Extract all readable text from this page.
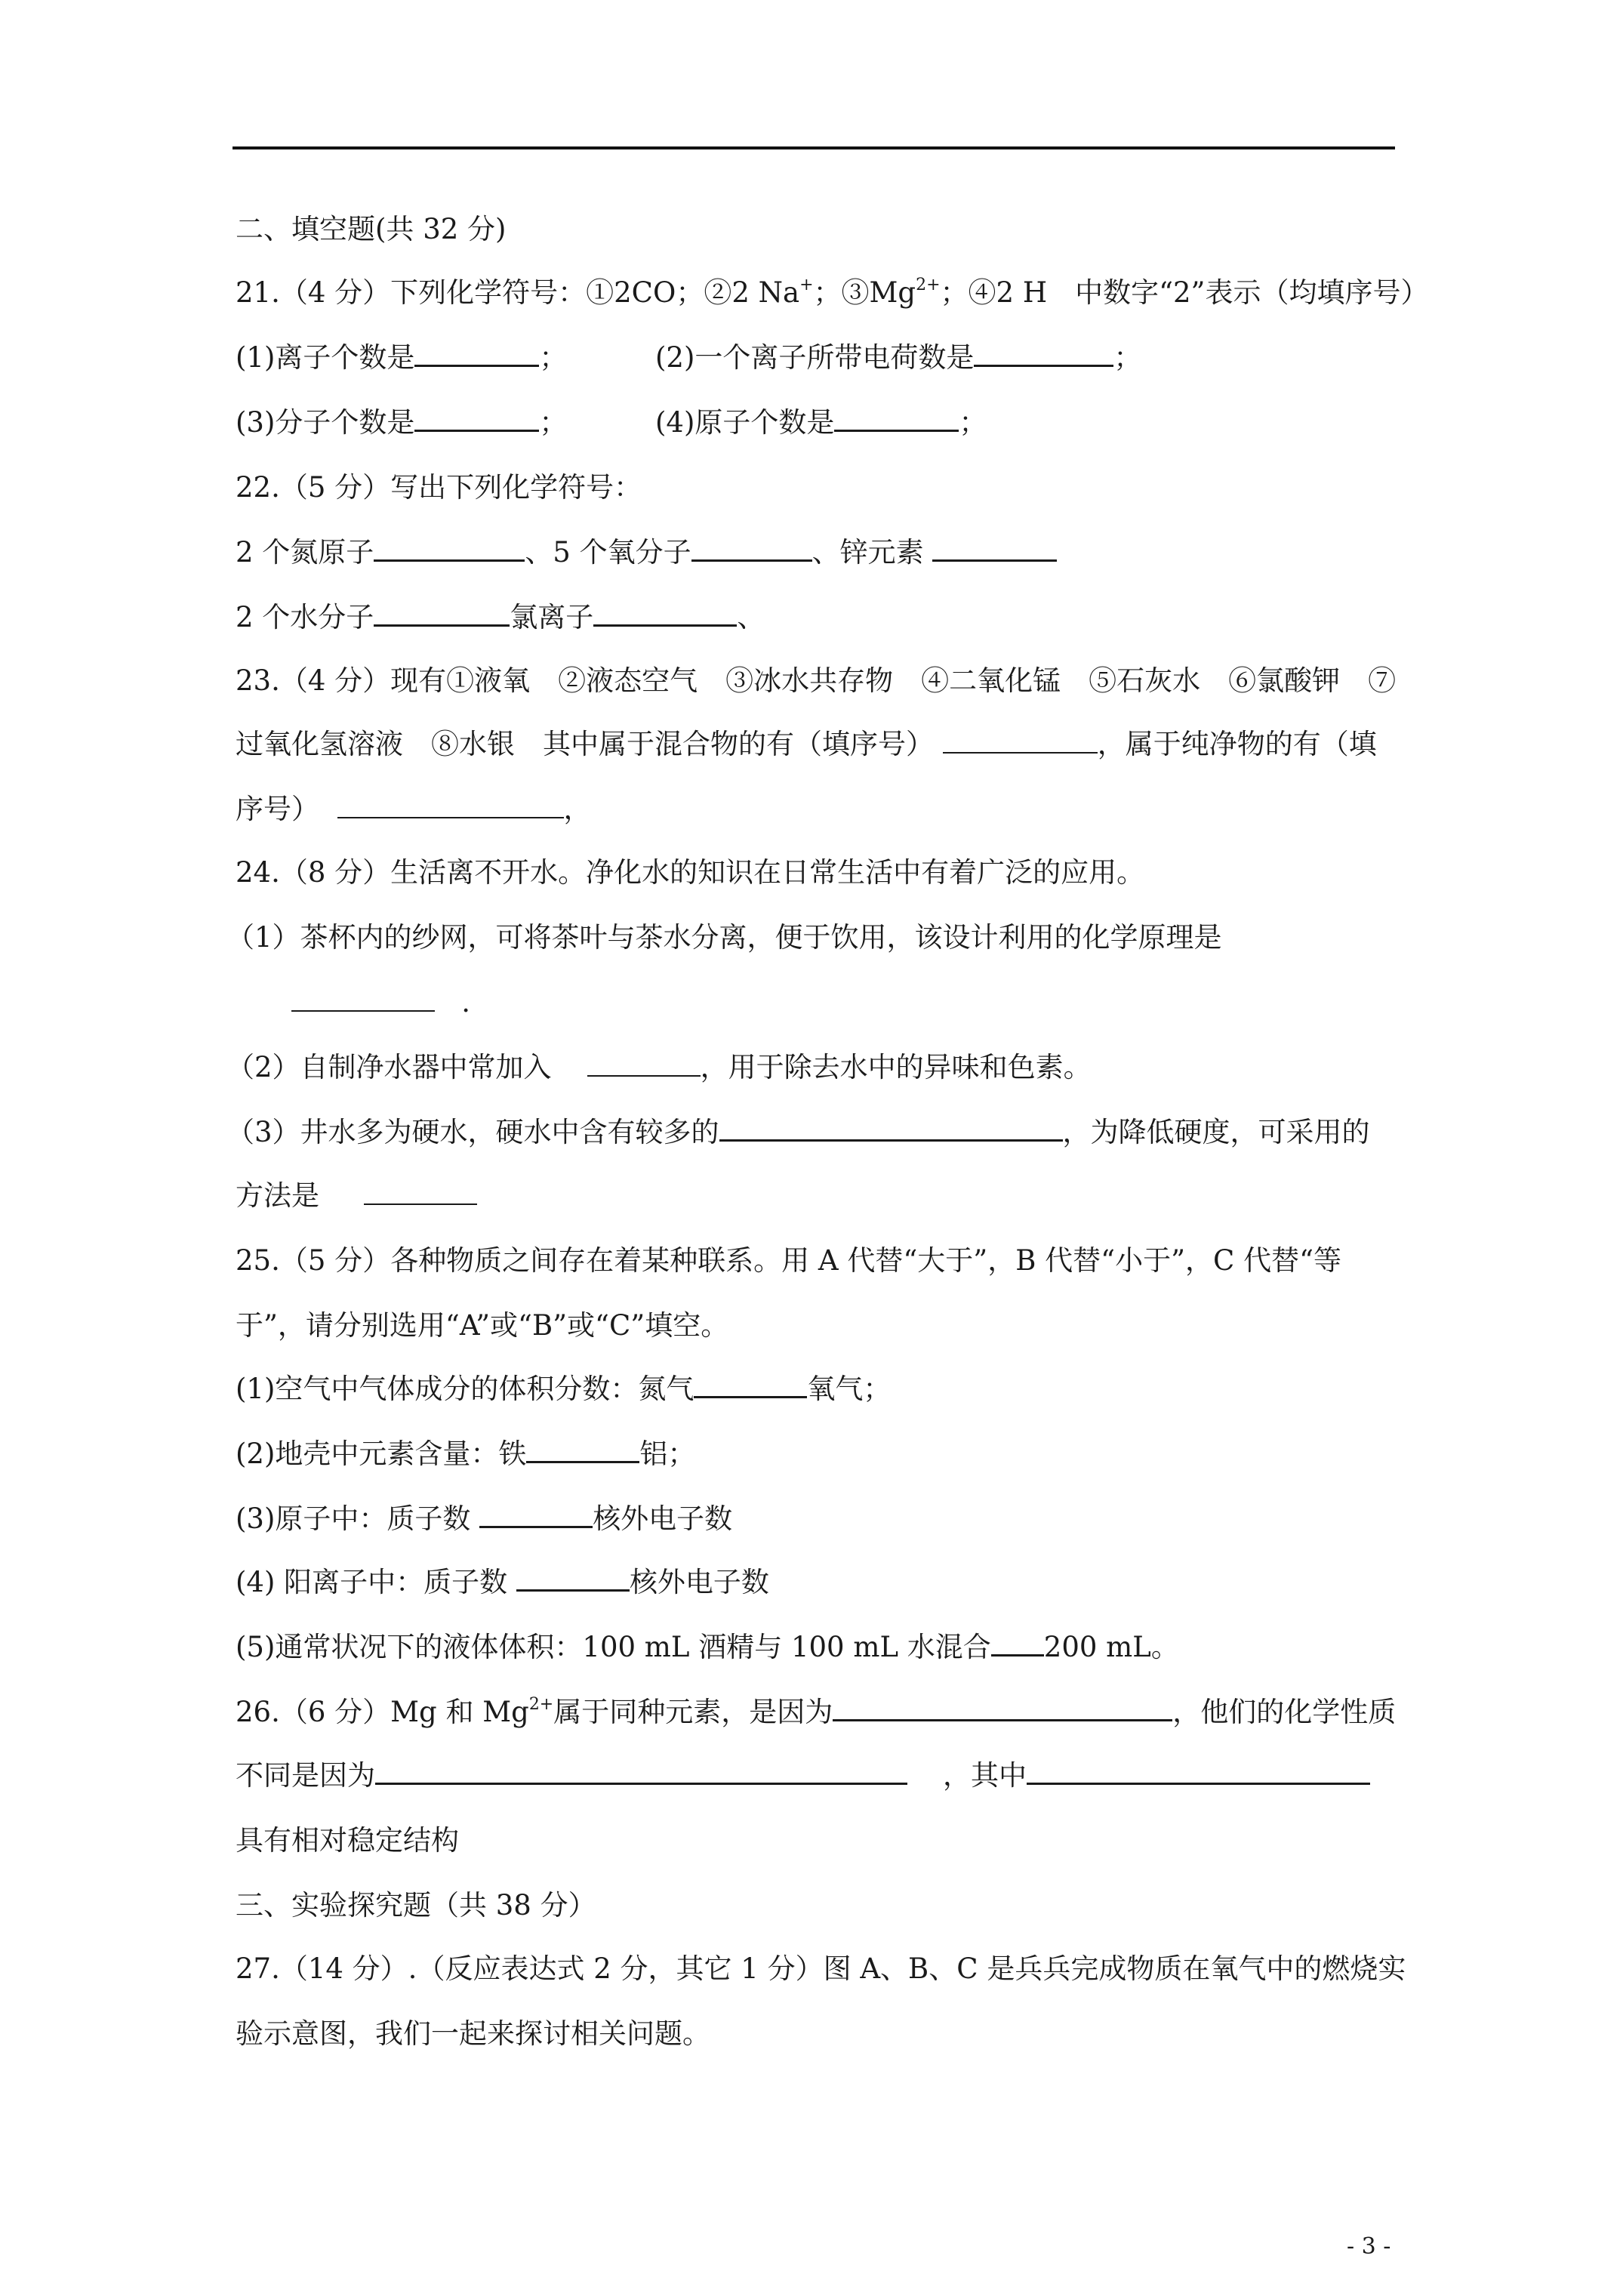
二、填空题(共 32 分)
21.（4 分）下列化学符号：①2CO；②2 Na+；$③Mg^{2+}$；④2 H　中数字“2”表示（均填序号）
(1)离子个数是	；	(2)一个离子所带电荷数是	；
(3)分子个数是	；	(4)原子个数是	；
22.（5 分）写出下列化学符号：
2 个氮原子	、5 个氧分子	、锌元素
2 个水分子	氯离子	、
23.（4 分）现有①液氧　②液态空气　③冰水共存物　④二氧化锰　⑤石灰水　⑥氯酸钾　⑦
过氧化氢溶液　⑧水银　其中属于混合物的有（填序号）	，属于纯净物的有（填
序号）	，
24.（8 分）生活离不开水。净化水的知识在日常生活中有着广泛的应用。
（1）茶杯内的纱网，可将茶叶与茶水分离，便于饮用，该设计利用的化学原理是
.
（2）自制净水器中常加入	，用于除去水中的异味和色素。
（3）井水多为硬水，硬水中含有较多的	，为降低硬度，可采用的
方法是
25.（5 分）各种物质之间存在着某种联系。用 A 代替“大于”，B 代替“小于”，C 代替“等
于”，请分别选用“A”或“B”或“C”填空。
(1)空气中气体成分的体积分数：氮气	氧气；
(2)地壳中元素含量：铁	铝；
(3)原子中：质子数	核外电子数
(4) 阳离子中：质子数	核外电子数
(5)通常状况下的液体体积：100 mL 酒精与 100 mL 水混合 200 mL。
26.（6 分）Mg 和 $Mg^{2+}$属于同种元素，是因为	，他们的化学性质
不同是因为	，其中
具有相对稳定结构
三、实验探究题（共 38 分）
27.（14 分）.（反应表达式 2 分，其它 1 分）图 A、B、C 是兵兵完成物质在氧气中的燃烧实
验示意图，我们一起来探讨相关问题。
- 3 -
